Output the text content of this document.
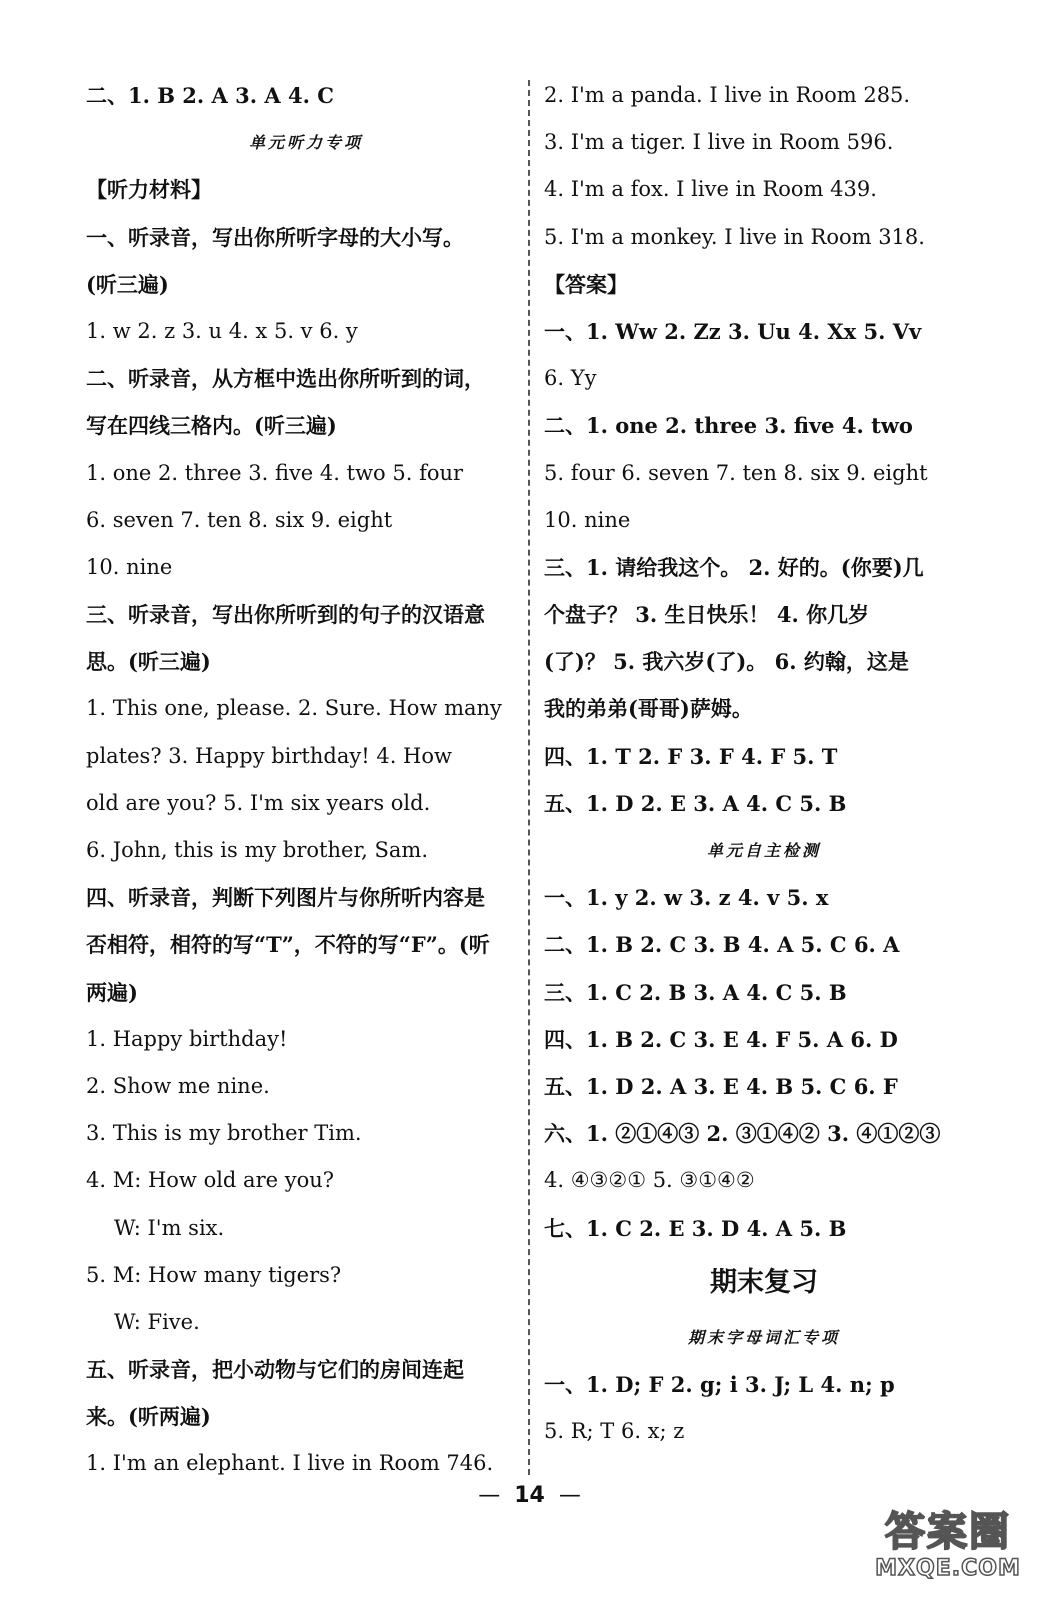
二、1. B 2. A 3. A 4. C
单元听力专项
【听力材料】
一、听录音，写出你所听字母的大小写。
(听三遍)
1. w 2. z 3. u 4. x 5. v 6. y
二、听录音，从方框中选出你所听到的词，
写在四线三格内。(听三遍)
1. one 2. three 3. five 4. two 5. four
6. seven 7. ten 8. six 9. eight
10. nine
三、听录音，写出你所听到的句子的汉语意
思。(听三遍)
1. This one, please. 2. Sure. How many
plates? 3. Happy birthday! 4. How
old are you? 5. I'm six years old.
6. John, this is my brother, Sam.
四、听录音，判断下列图片与你所听内容是
否相符，相符的写“T”，不符的写“F”。(听
两遍)
1. Happy birthday!
2. Show me nine.
3. This is my brother Tim.
4. M: How old are you?
W: I'm six.
5. M: How many tigers?
W: Five.
五、听录音，把小动物与它们的房间连起
来。(听两遍)
1. I'm an elephant. I live in Room 746.
2. I'm a panda. I live in Room 285.
3. I'm a tiger. I live in Room 596.
4. I'm a fox. I live in Room 439.
5. I'm a monkey. I live in Room 318.
【答案】
一、1. Ww 2. Zz 3. Uu 4. Xx 5. Vv
6. Yy
二、1. one 2. three 3. five 4. two
5. four 6. seven 7. ten 8. six 9. eight
10. nine
三、1. 请给我这个。 2. 好的。(你要)几
个盘子？ 3. 生日快乐！ 4. 你几岁
(了)？ 5. 我六岁(了)。 6. 约翰，这是
我的弟弟(哥哥)萨姆。
四、1. T 2. F 3. F 4. F 5. T
五、1. D 2. E 3. A 4. C 5. B
单元自主检测
一、1. y 2. w 3. z 4. v 5. x
二、1. B 2. C 3. B 4. A 5. C 6. A
三、1. C 2. B 3. A 4. C 5. B
四、1. B 2. C 3. E 4. F 5. A 6. D
五、1. D 2. A 3. E 4. B 5. C 6. F
六、1. ②①④③ 2. ③①④② 3. ④①②③
4. ④③②① 5. ③①④②
七、1. C 2. E 3. D 4. A 5. B
期末复习
期末字母词汇专项
一、1. D; F 2. g; i 3. J; L 4. n; p
5. R; T 6. x; z
— 14 —
答案圈
MXQE.COM
